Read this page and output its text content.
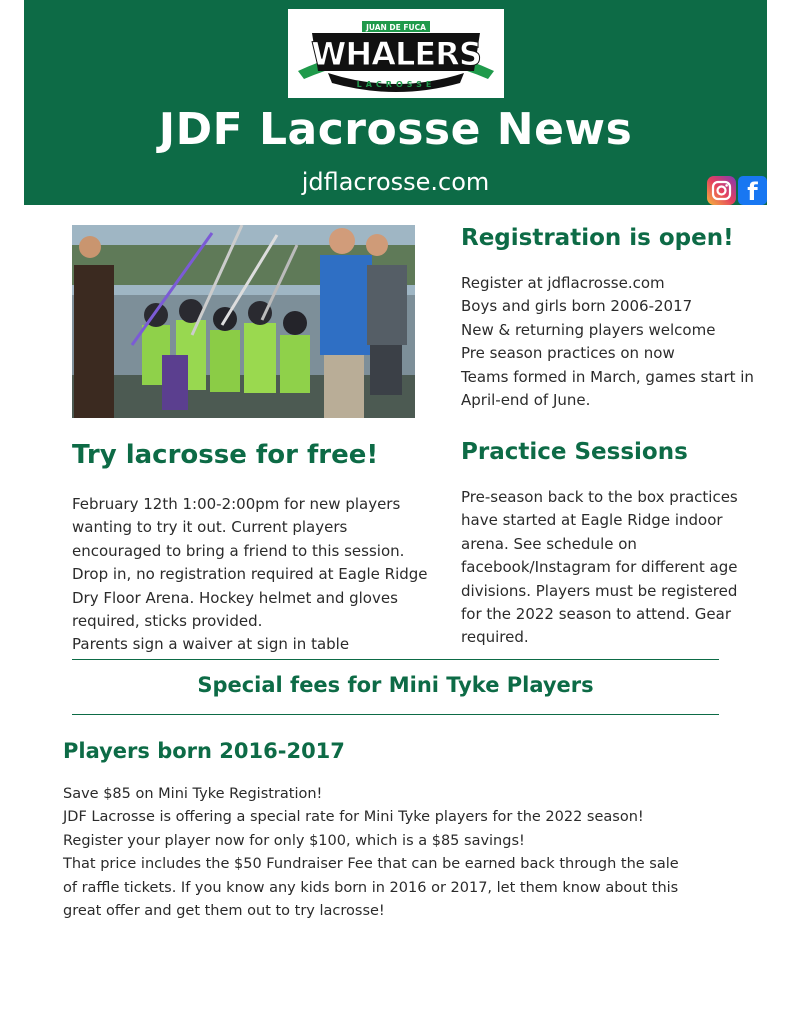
JUAN DE FUCA
WHALERS
LACROSSE
JDF Lacrosse News
jdflacrosse.com	f
Registration is open!
Register at jdflacrosse.com
Boys and girls born 2006-2017
New & returning players welcome
Pre season practices on now
Teams formed in March, games start in
April-end of June.
Try lacrosse for free!
February 12th 1:00-2:00pm for new players
wanting to try it out. Current players
encouraged to bring a friend to this session.
Drop in, no registration required at Eagle Ridge
Dry Floor Arena. Hockey helmet and gloves
required, sticks provided.
Parents sign a waiver at sign in table
Practice Sessions
Pre-season back to the box practices
have started at Eagle Ridge indoor
arena. See schedule on
facebook/Instagram for different age
divisions. Players must be registered
for the 2022 season to attend. Gear
required.
Special fees for Mini Tyke Players
Players born 2016-2017
Save $85 on Mini Tyke Registration!
JDF Lacrosse is offering a special rate for Mini Tyke players for the 2022 season!
Register your player now for only $100, which is a $85 savings!
That price includes the $50 Fundraiser Fee that can be earned back through the sale
of raffle tickets. If you know any kids born in 2016 or 2017, let them know about this
great offer and get them out to try lacrosse!
